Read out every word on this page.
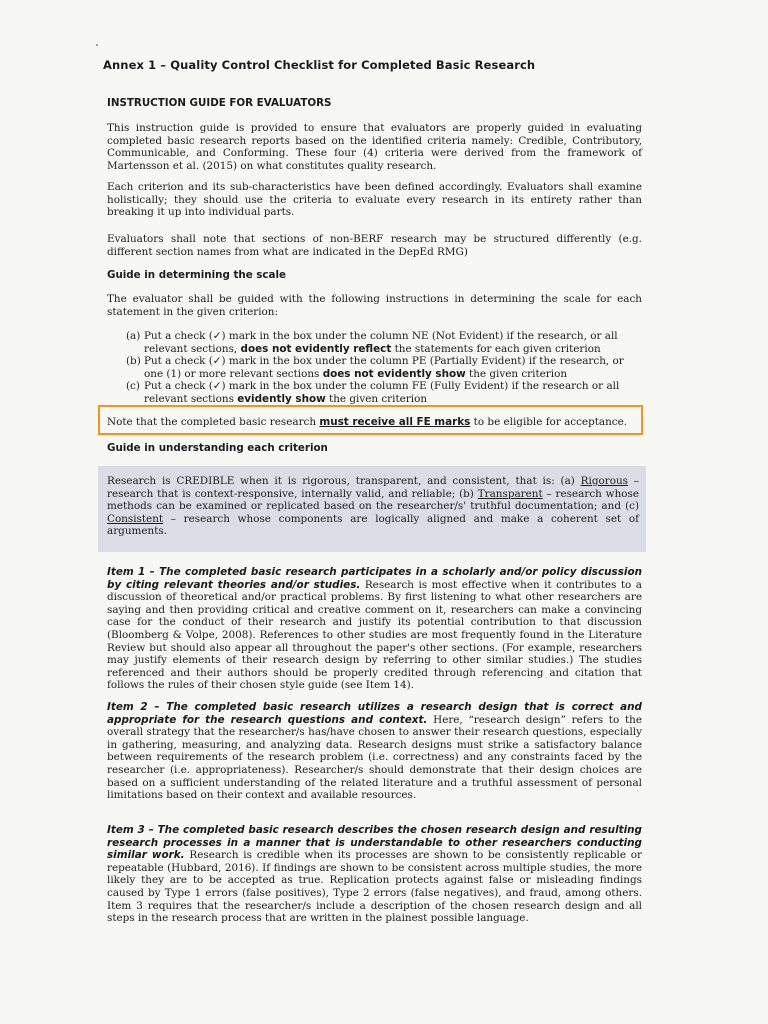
Annex 1 – Quality Control Checklist for Completed Basic Research
INSTRUCTION GUIDE FOR EVALUATORS
This instruction guide is provided to ensure that evaluators are properly guided in evaluating completed basic research reports based on the identified criteria namely: Credible, Contributory, Communicable, and Conforming. These four (4) criteria were derived from the framework of Martensson et al. (2015) on what constitutes quality research.
Each criterion and its sub-characteristics have been defined accordingly. Evaluators shall examine holistically; they should use the criteria to evaluate every research in its entirety rather than breaking it up into individual parts.
Evaluators shall note that sections of non-BERF research may be structured differently (e.g. different section names from what are indicated in the DepEd RMG)
Guide in determining the scale
The evaluator shall be guided with the following instructions in determining the scale for each statement in the given criterion:
(a) Put a check (✓) mark in the box under the column NE (Not Evident) if the research, or all relevant sections, does not evidently reflect the statements for each given criterion
(b) Put a check (✓) mark in the box under the column PE (Partially Evident) if the research, or one (1) or more relevant sections does not evidently show the given criterion
(c) Put a check (✓) mark in the box under the column FE (Fully Evident) if the research or all relevant sections evidently show the given criterion
Note that the completed basic research must receive all FE marks to be eligible for acceptance.
Guide in understanding each criterion
Research is CREDIBLE when it is rigorous, transparent, and consistent, that is: (a) Rigorous – research that is context-responsive, internally valid, and reliable; (b) Transparent – research whose methods can be examined or replicated based on the researcher/s' truthful documentation; and (c) Consistent – research whose components are logically aligned and make a coherent set of arguments.
Item 1 – The completed basic research participates in a scholarly and/or policy discussion by citing relevant theories and/or studies. Research is most effective when it contributes to a discussion of theoretical and/or practical problems. By first listening to what other researchers are saying and then providing critical and creative comment on it, researchers can make a convincing case for the conduct of their research and justify its potential contribution to that discussion (Bloomberg & Volpe, 2008). References to other studies are most frequently found in the Literature Review but should also appear all throughout the paper's other sections. (For example, researchers may justify elements of their research design by referring to other similar studies.) The studies referenced and their authors should be properly credited through referencing and citation that follows the rules of their chosen style guide (see Item 14).
Item 2 – The completed basic research utilizes a research design that is correct and appropriate for the research questions and context. Here, “research design” refers to the overall strategy that the researcher/s has/have chosen to answer their research questions, especially in gathering, measuring, and analyzing data. Research designs must strike a satisfactory balance between requirements of the research problem (i.e. correctness) and any constraints faced by the researcher (i.e. appropriateness). Researcher/s should demonstrate that their design choices are based on a sufficient understanding of the related literature and a truthful assessment of personal limitations based on their context and available resources.
Item 3 – The completed basic research describes the chosen research design and resulting research processes in a manner that is understandable to other researchers conducting similar work. Research is credible when its processes are shown to be consistently replicable or repeatable (Hubbard, 2016). If findings are shown to be consistent across multiple studies, the more likely they are to be accepted as true. Replication protects against false or misleading findings caused by Type 1 errors (false positives), Type 2 errors (false negatives), and fraud, among others. Item 3 requires that the researcher/s include a description of the chosen research design and all steps in the research process that are written in the plainest possible language.
